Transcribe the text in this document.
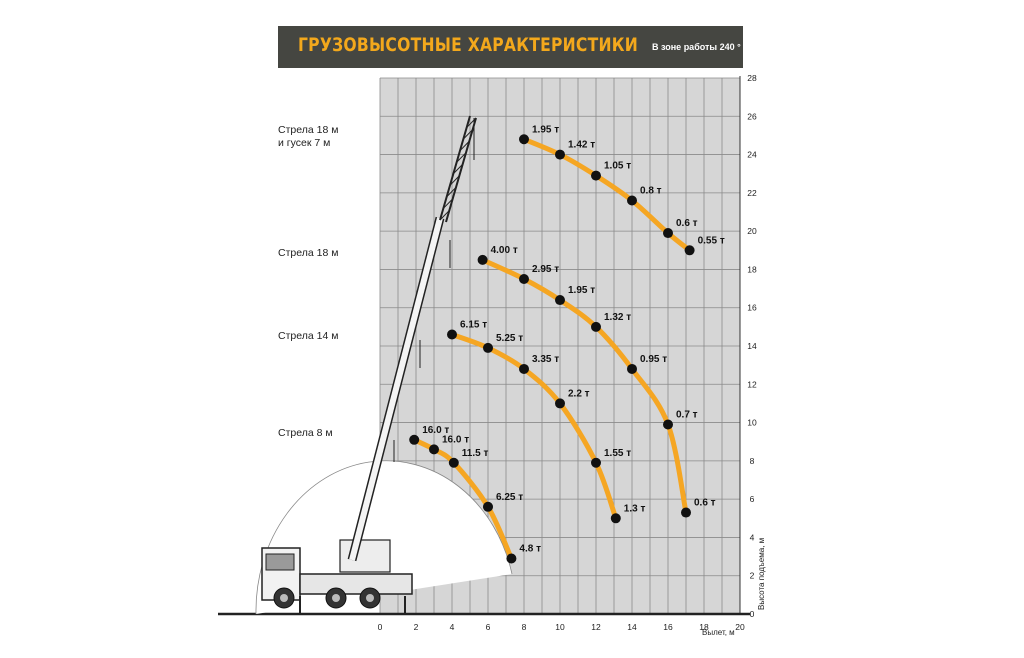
ГРУЗОВЫСОТНЫЕ ХАРАКТЕРИСТИКИ В зоне работы 240 °
0	2	4	6	8	10	12	14	16	18	20
0
2
4
6
8
10
12
14
16
18
20
22
24
26
28
1.95 т
1.42 т
1.05 т
0.8 т
0.6 т
0.55 т
4.00 т
2.95 т
1.95 т
1.32 т
0.95 т
0.7 т
0.6 т
6.15 т
5.25 т
3.35 т
2.2 т
1.55 т
1.3 т
16.0 т
16.0 т
11.5 т
6.25 т
4.8 т
Стрела 18 м
и гусек 7 м
Стрела 18 м
Стрела 14 м
Стрела 8 м
Вылет, м
Высота подъема, м
